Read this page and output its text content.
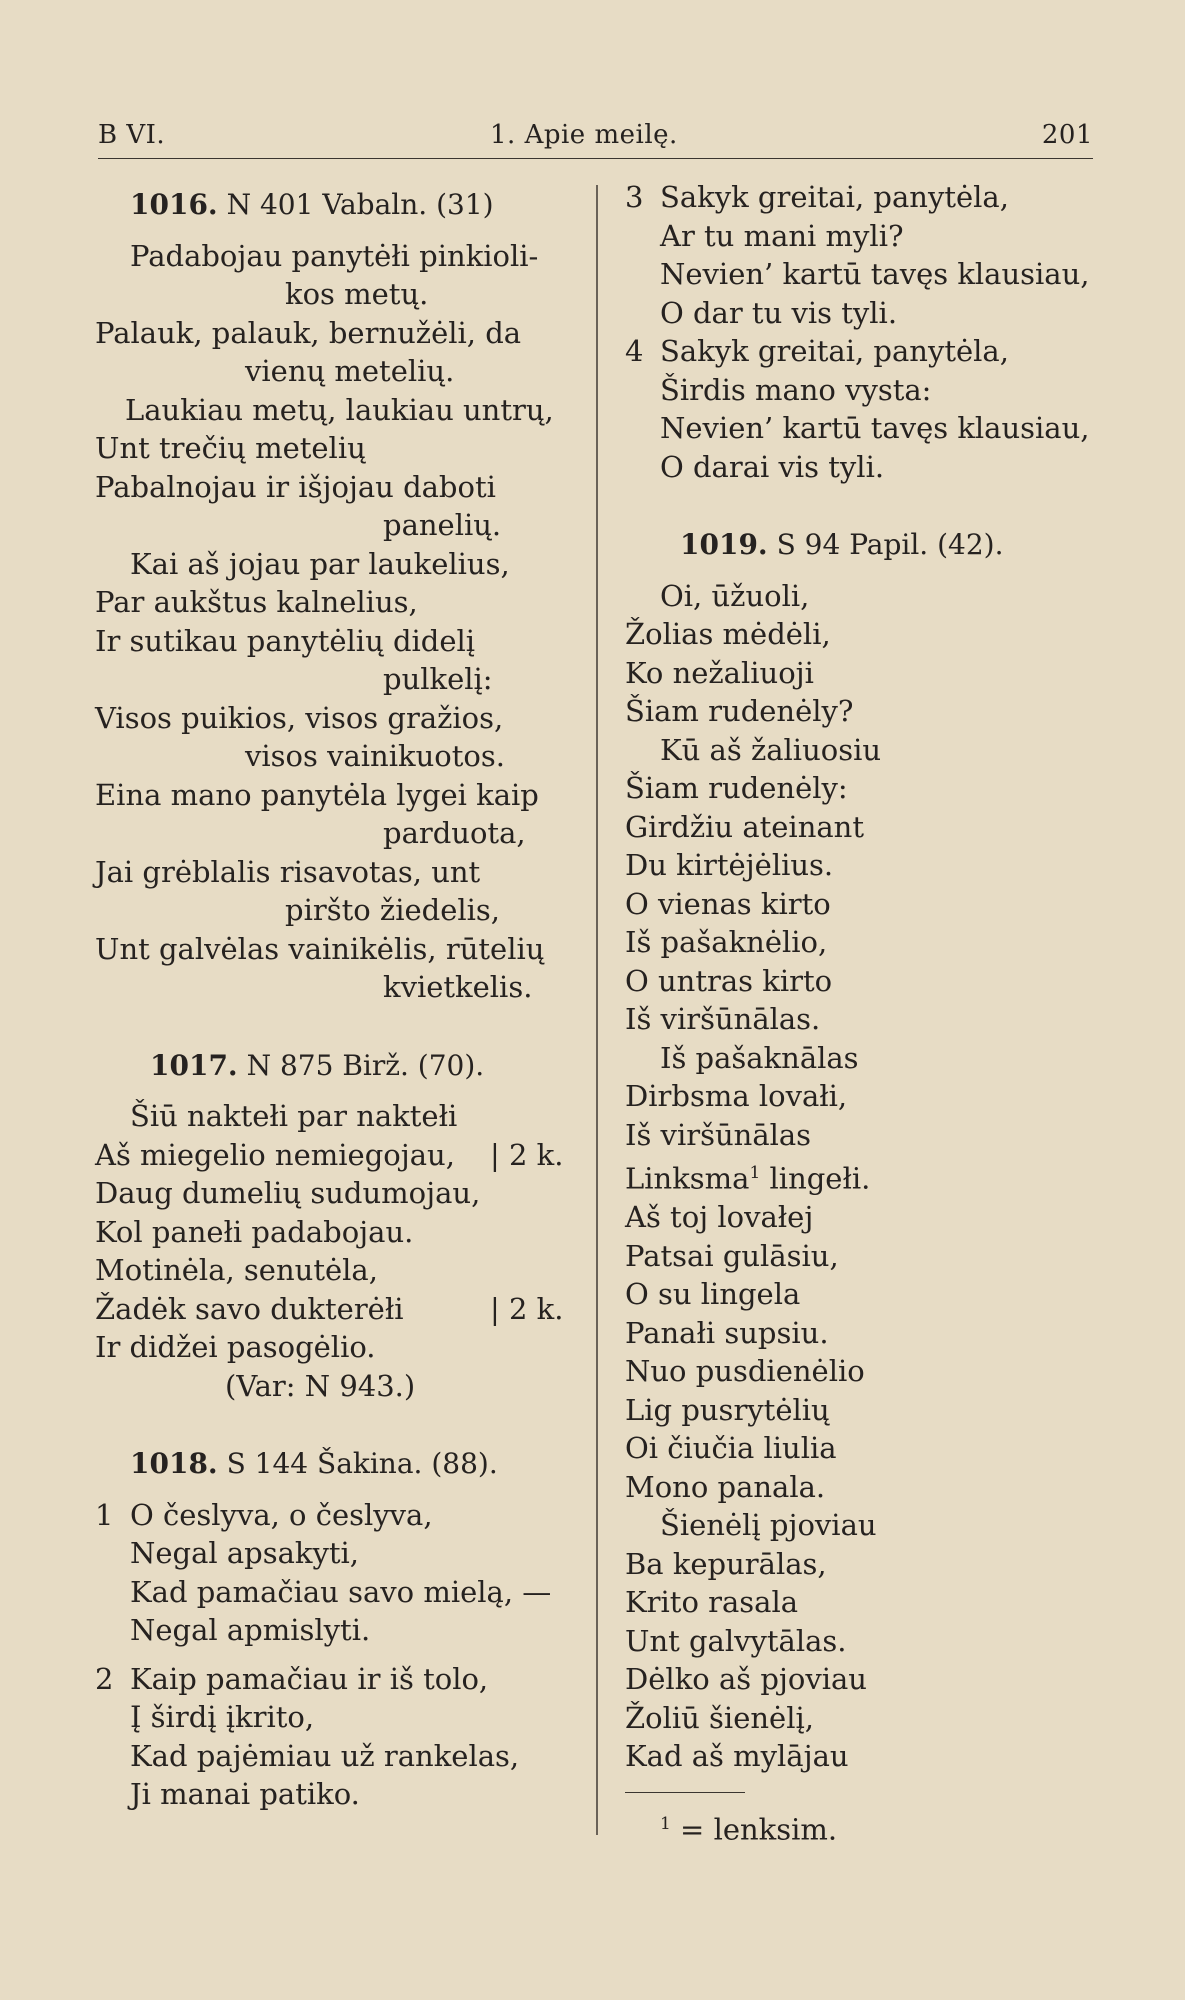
B VI.	1. Apie meilę.	201

1016. N 401 Vabaln. (31)

Padabojau panytėłi pinkioli-

kos metų.

Palauk, palauk, bernužėli, da

vienų metelių.

Laukiau metų, laukiau untrų,

Unt trečių metelių

Pabalnojau ir išjojau daboti

panelių.

Kai aš jojau par laukelius,

Par aukštus kalnelius,

Ir sutikau panytėlių didelį

pulkelį:

Visos puikios, visos gražios,

visos vainikuotos.

Eina mano panytėla lygei kaip

parduota,

Jai grėblalis risavotas, unt

piršto žiedelis,

Unt galvėlas vainikėlis, rūtelių

kvietkelis.

1017. N 875 Birž. (70).

Šiū naktełi par naktełi

Aš miegelio nemiegojau, | 2 k.

Daug dumelių sudumojau,

Kol panełi padabojau.

Motinėla, senutėla,

Žadėk savo dukterėłi	| 2 k.

Ir didžei pasogėlio.

(Var: N 943.)

1018. S 144 Šakina. (88).

1 O česlyva, o česlyva,

Negal apsakyti,

Kad pamačiau savo mielą, —

Negal apmislyti.

2 Kaip pamačiau ir iš tolo,

Į širdį įkrito,

Kad pajėmiau už rankelas,

Ji manai patiko.

3 Sakyk greitai, panytėla,

Ar tu mani myli?

Nevien’ kartū tavęs klausiau,

O dar tu vis tyli.

4 Sakyk greitai, panytėla,

Širdis mano vysta:

Nevien’ kartū tavęs klausiau,

O darai vis tyli.

1019. S 94 Papil. (42).

Oi, ūžuoli,

Žolias mėdėli,

Ko nežaliuoji

Šiam rudenėly?

Kū aš žaliuosiu

Šiam rudenėly:

Girdžiu ateinant

Du kirtėjėlius.

O vienas kirto

Iš pašaknėlio,

O untras kirto

Iš viršūnālas.

Iš pašaknālas

Dirbsma lovałi,

Iš viršūnālas

Linksma$^1$ lingełi.

Aš toj lovałej

Patsai gulāsiu,

O su lingela

Panałi supsiu.

Nuo pusdienėlio

Lig pusrytėlių

Oi čiučia liulia

Mono panala.

Šienėlį pjoviau

Ba kepurālas,

Krito rasala

Unt galvytālas.

Dėlko aš pjoviau

Žoliū šienėlį,

Kad aš mylājau

$^1$ = lenksim.
